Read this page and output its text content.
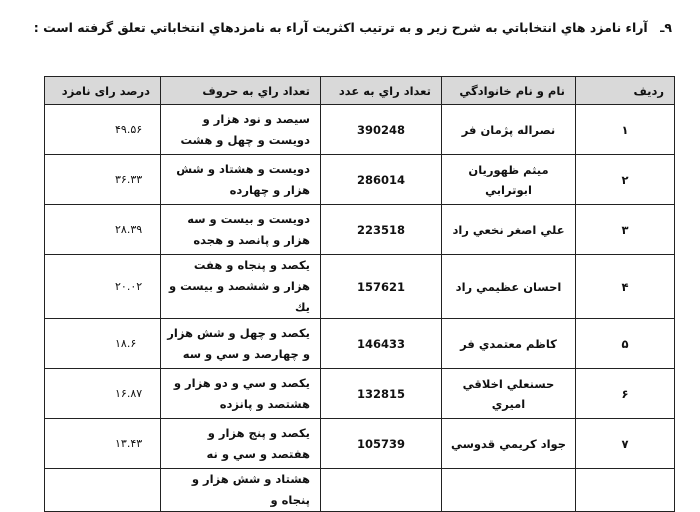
۹ـ آراء نامزد هاي انتخاباتي به شرح زير و به ترتيب اكثريت آراء به نامزدهاي انتخاباتي تعلق گرفته است :
رديف	نام و نام خانوادگي	تعداد راي به عدد	تعداد راي به حروف	درصد رای نامزد
۱	نصراله پژمان فر	390248	سيصد و نود هزار و دويست و چهل و هشت	۴۹.۵۶
۲	ميثم ظهوريان ابوترابي	286014	دويست و هشتاد و شش هزار و چهارده	۳۶.۳۳
۳	علي اصغر نخعي راد	223518	دويست و بيست و سه هزار و پانصد و هجده	۲۸.۳۹
۴	احسان عظيمي راد	157621	يكصد و پنجاه و هفت هزار و ششصد و بيست و يك	۲۰.۰۲
۵	كاظم معتمدي فر	146433	يكصد و چهل و شش هزار و چهارصد و سي و سه	۱۸.۶
۶	حسنعلي اخلاقي اميري	132815	يكصد و سي و دو هزار و هشتصد و پانزده	۱۶.۸۷
۷	جواد كريمي قدوسي	105739	يكصد و پنج هزار و هفتصد و سي و نه	۱۳.۴۳
			هشتاد و شش هزار و پنجاه و	
